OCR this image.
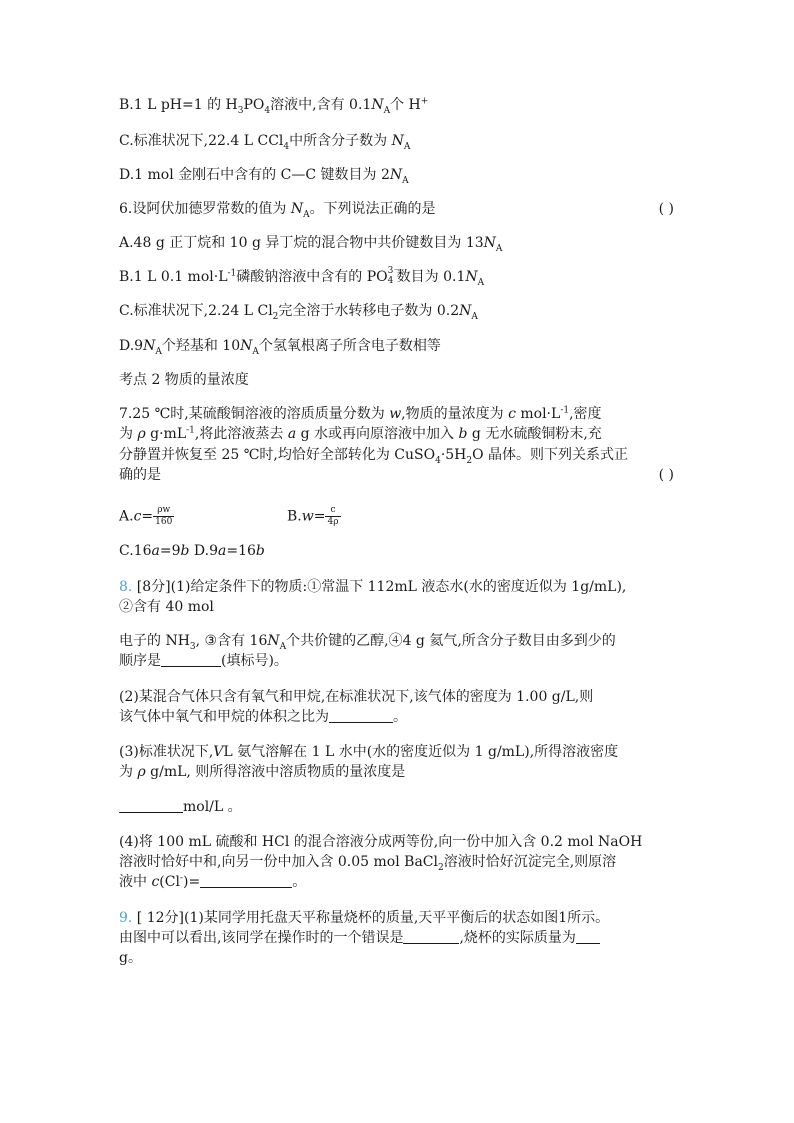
B.1 L pH=1 的 $H_3PO_4$溶液中,含有 $0.1N_A$个 H+
C.标准状况下,22.4 L CCl$_4$中所含分子数为 $N_A$
D.1 mol 金刚石中含有的 C—C 键数目为 $2N_A$
6.设阿伏加德罗常数的值为 $N_A$。下列说法正确的是	( )
A.48 g 正丁烷和 10 g 异丁烷的混合物中共价键数目为 $13N_A$
B.1 L 0.1 $mol\cdot L^{-1}$磷酸钠溶液中含有的 PO 3－
4 数目为 $0.1N_A$
C.标准状况下,2.24 L $Cl_2$完全溶于水转移电子数为 $0.2N_A$
$D.9N_A$个羟基和 $10N_A$个氢氧根离子所含电子数相等
考点 2 物质的量浓度
7.25 ℃时,某硫酸铜溶液的溶质质量分数为 w,物质的量浓度为 c $mol\cdot L^{-1}$,密度
为 ρ $g\cdot mL^{-1}$,将此溶液蒸去 a g 水或再向原溶液中加入 b g 无水硫酸铜粉末,充
分静置并恢复至 25 ℃时,均恰好全部转化为 $CuSO_4\cdot 5H_2O$ 晶体。则下列关系式正
确的是	( )
$A.c= \frac{\rho w}{160}$	$B.w= \frac{c}{4\rho}$
C.16a=9b D.9a=16b
8. [8分](1)给定条件下的物质:①常温下 112mL 液态水(水的密度近似为 1g/mL),
②含有 40 mol
电子的 $NH_3$, ③含有 $16N_A$个共价键的乙醇,④4 g 氦气,所含分子数目由多到少的
顺序是	(填标号)。
(2)某混合气体只含有氧气和甲烷,在标准状况下,该气体的密度为 1.00 g/L,则
该气体中氧气和甲烷的体积之比为	。
(3)标准状况下,VL 氨气溶解在 1 L 水中(水的密度近似为 1 g/mL),所得溶液密度
为 ρ g/mL, 则所得溶液中溶质物质的量浓度是
mol/L 。
(4)将 100 mL 硫酸和 HCl 的混合溶液分成两等份,向一份中加入含 0.2 mol NaOH
溶液时恰好中和,向另一份中加入含 0.05 mol BaCl$_2$溶液时恰好沉淀完全,则原溶
液中 c(Cl-)=	。
9. [ 12分](1)某同学用托盘天平称量烧杯的质量,天平平衡后的状态如图1所示。
由图中可以看出,该同学在操作时的一个错误是	,烧杯的实际质量为
g。
